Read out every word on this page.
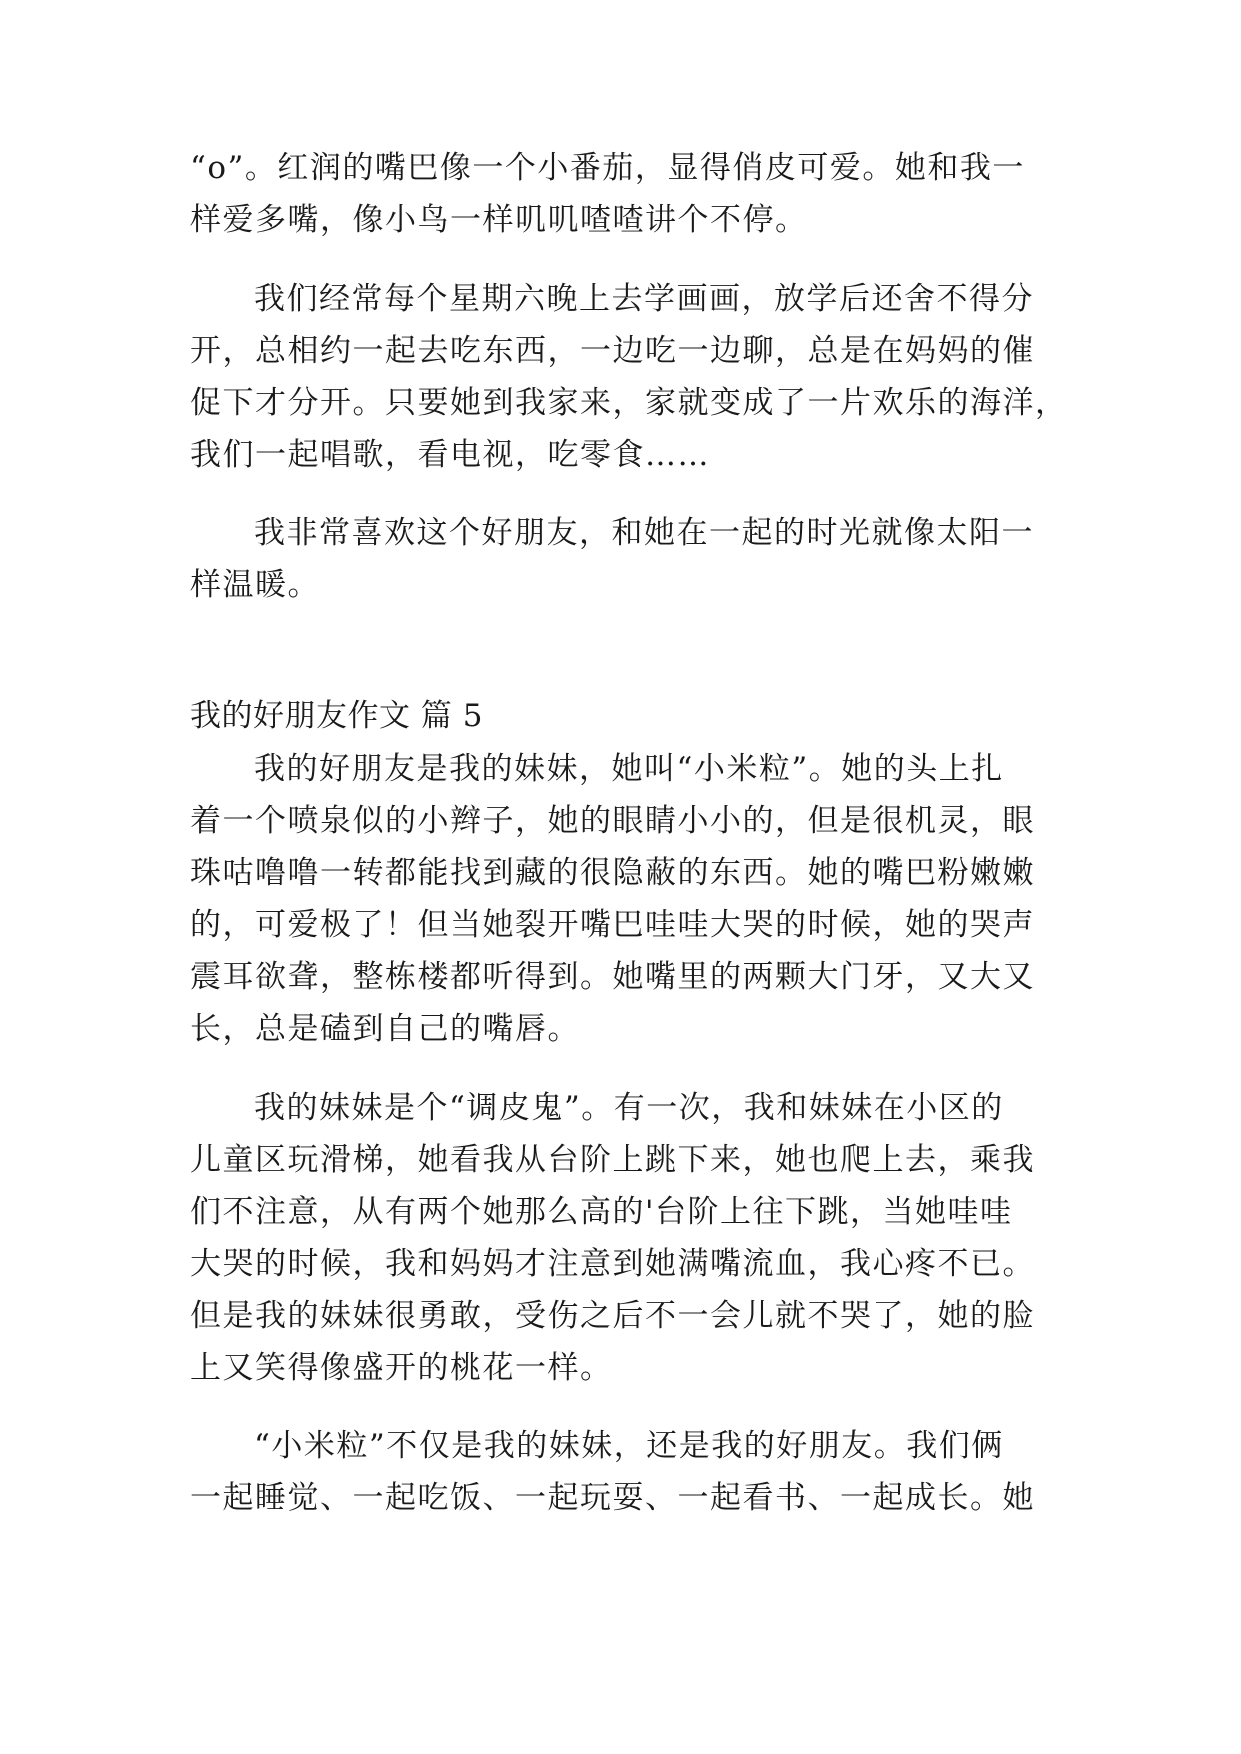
“o”。红润的嘴巴像一个小番茄，显得俏皮可爱。她和我一
样爱多嘴，像小鸟一样叽叽喳喳讲个不停。
我们经常每个星期六晚上去学画画，放学后还舍不得分
开，总相约一起去吃东西，一边吃一边聊，总是在妈妈的催
促下才分开。只要她到我家来，家就变成了一片欢乐的海洋，
我们一起唱歌，看电视，吃零食……
我非常喜欢这个好朋友，和她在一起的时光就像太阳一
样温暖。
我的好朋友作文 篇 5
我的好朋友是我的妹妹，她叫“小米粒”。她的头上扎
着一个喷泉似的小辫子，她的眼睛小小的，但是很机灵，眼
珠咕噜噜一转都能找到藏的很隐蔽的东西。她的嘴巴粉嫩嫩
的，可爱极了！但当她裂开嘴巴哇哇大哭的时候，她的哭声
震耳欲聋，整栋楼都听得到。她嘴里的两颗大门牙，又大又
长，总是磕到自己的嘴唇。
我的妹妹是个“调皮鬼”。有一次，我和妹妹在小区的
儿童区玩滑梯，她看我从台阶上跳下来，她也爬上去，乘我
们不注意，从有两个她那么高的'台阶上往下跳，当她哇哇
大哭的时候，我和妈妈才注意到她满嘴流血，我心疼不已。
但是我的妹妹很勇敢，受伤之后不一会儿就不哭了，她的脸
上又笑得像盛开的桃花一样。
“小米粒”不仅是我的妹妹，还是我的好朋友。我们俩
一起睡觉、一起吃饭、一起玩耍、一起看书、一起成长。她
